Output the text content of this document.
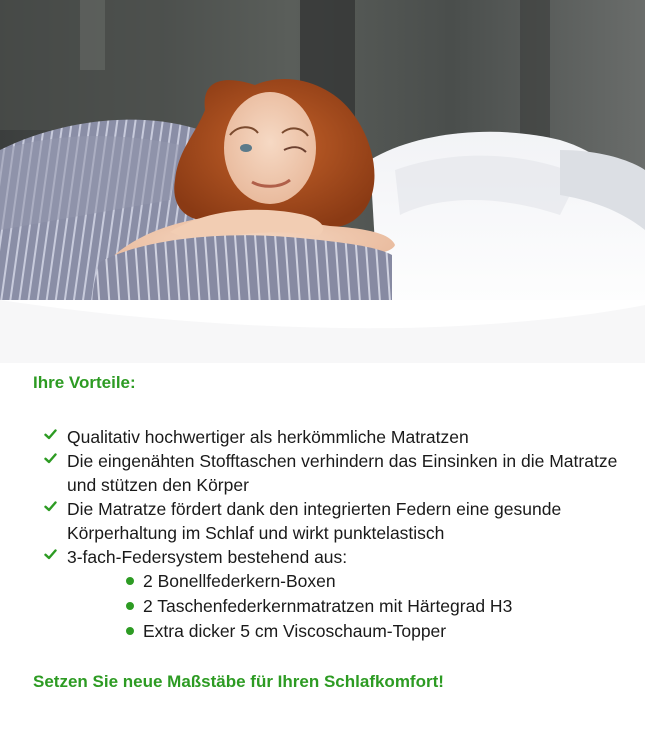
Ihre Vorteile:
Qualitativ hochwertiger als herkömmliche Matratzen
Die eingenähten Stofftaschen verhindern das Einsinken in die Matratze und stützen den Körper
Die Matratze fördert dank den integrierten Federn eine gesunde Körperhaltung im Schlaf und wirkt punktelastisch
3-fach-Federsystem bestehend aus:
2 Bonellfederkern-Boxen
2 Taschenfederkernmatratzen mit Härtegrad H3
Extra dicker 5 cm Viscoschaum-Topper

Setzen Sie neue Maßstäbe für Ihren Schlafkomfort!
